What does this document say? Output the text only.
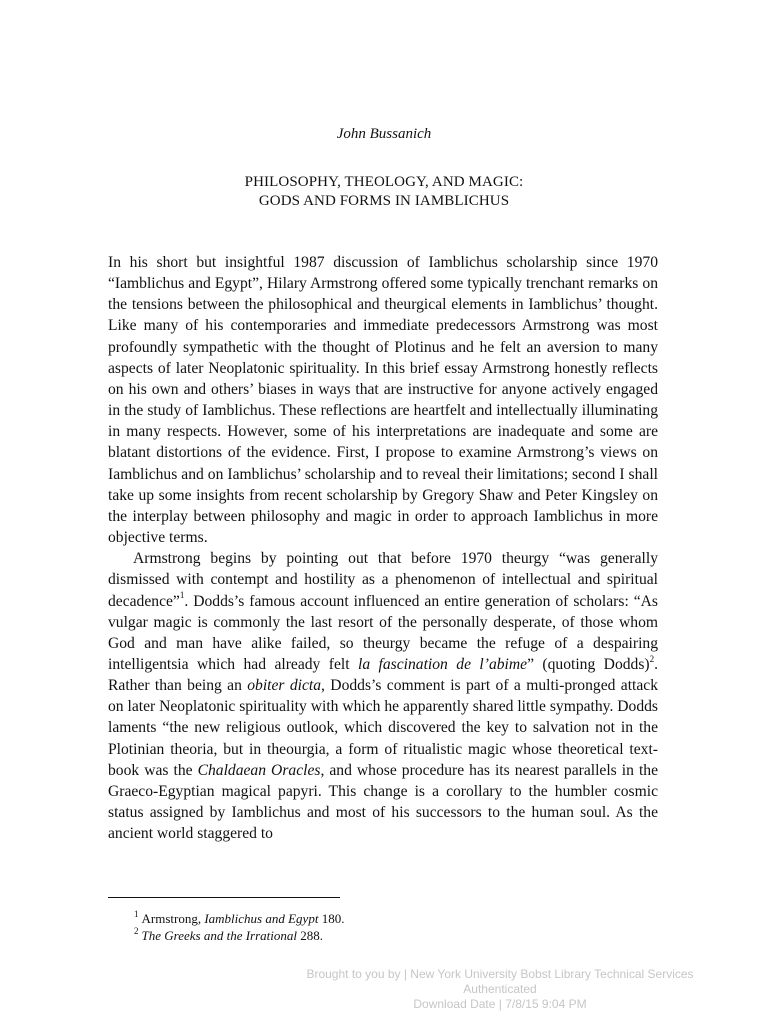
John Bussanich
PHILOSOPHY, THEOLOGY, AND MAGIC:
GODS AND FORMS IN IAMBLICHUS

In his short but insightful 1987 discussion of Iamblichus scholarship since 1970 “Iamblichus and Egypt”, Hilary Armstrong offered some typically trenchant remarks on the tensions between the philosophical and theurgical elements in Iamblichus’ thought. Like many of his contemporaries and immediate predecessors Armstrong was most profoundly sympathetic with the thought of Plotinus and he felt an aversion to many aspects of later Neoplatonic spirituality. In this brief essay Armstrong honestly reflects on his own and others’ biases in ways that are instructive for anyone actively engaged in the study of Iamblichus. These reflections are heartfelt and intellectually illuminating in many respects. However, some of his interpretations are inadequate and some are blatant distortions of the evidence. First, I propose to examine Armstrong’s views on Iamblichus and on Iamblichus’ scholarship and to reveal their limitations; second I shall take up some insights from recent scholarship by Gregory Shaw and Peter Kingsley on the interplay between philosophy and magic in order to approach Iamblichus in more objective terms.

Armstrong begins by pointing out that before 1970 theurgy “was generally dismissed with contempt and hostility as a phenomenon of intellectual and spiritual decadence”$^1$. Dodds’s famous account influenced an entire generation of scholars: “As vulgar magic is commonly the last resort of the personally desperate, of those whom God and man have alike failed, so theurgy became the refuge of a despairing intelligentsia which had already felt la fascination de l’abime” (quoting Dodds)$^2$. Rather than being an obiter dicta, Dodds’s comment is part of a multi-pronged attack on later Neoplatonic spirituality with which he apparently shared little sympathy. Dodds laments “the new religious outlook, which discovered the key to salvation not in the Plotinian theoria, but in theourgia, a form of ritualistic magic whose theoretical text-book was the Chaldaean Oracles, and whose procedure has its nearest parallels in the Graeco-Egyptian magical papyri. This change is a corollary to the humbler cosmic status assigned by Iamblichus and most of his successors to the human soul. As the ancient world staggered to

$^1$ Armstrong, Iamblichus and Egypt 180.
$^2$ The Greeks and the Irrational 288.
Brought to you by | New York University Bobst Library Technical Services
Authenticated
Download Date | 7/8/15 9:04 PM
